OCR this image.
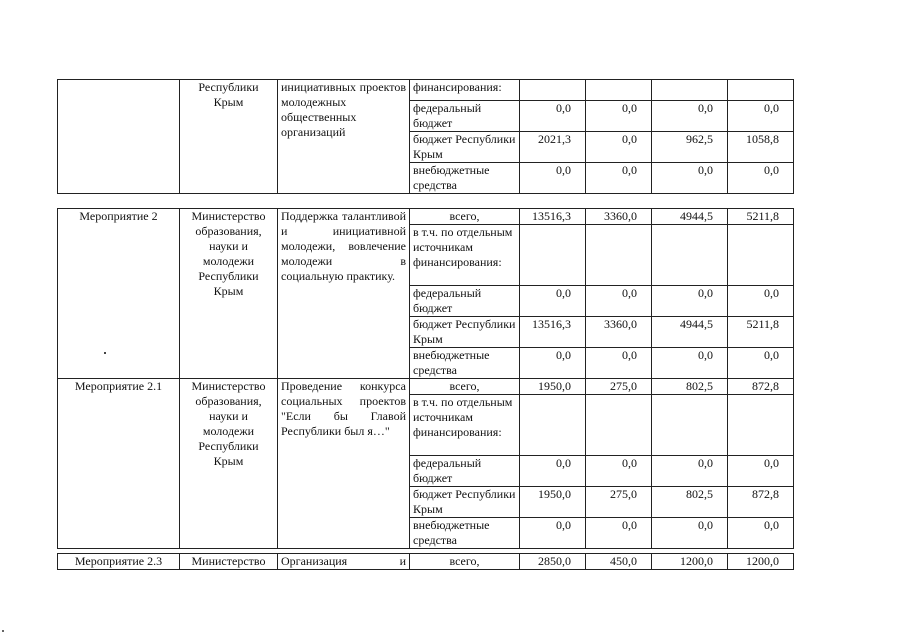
	Республики Крым	инициативных проектов молодежных общественных организаций	финансирования:				
			федеральный бюджет	0,0	0,0	0,0	0,0
			бюджет Республики Крым	2021,3	0,0	962,5	1058,8
			внебюджетные средства	0,0	0,0	0,0	0,0
Мероприятие 2	Министерство образования, науки и молодежи Республики Крым	Поддержка талантливой и инициативной молодежи, вовлечение молодежи в социальную практику.	всего,	13516,3	3360,0	4944,5	5211,8
			в т.ч. по отдельным источникам финансирования:				
			федеральный бюджет	0,0	0,0	0,0	0,0
			бюджет Республики Крым	13516,3	3360,0	4944,5	5211,8
			внебюджетные средства	0,0	0,0	0,0	0,0
Мероприятие 2.1	Министерство образования, науки и молодежи Республики Крым	Проведение конкурса социальных проектов "Если бы Главой Республики был я…"	всего,	1950,0	275,0	802,5	872,8
			в т.ч. по отдельным источникам финансирования:				
			федеральный бюджет	0,0	0,0	0,0	0,0
			бюджет Республики Крым	1950,0	275,0	802,5	872,8
			внебюджетные средства	0,0	0,0	0,0	0,0
Мероприятие 2.3	Министерство	Организация и	всего,	2850,0	450,0	1200,0	1200,0
